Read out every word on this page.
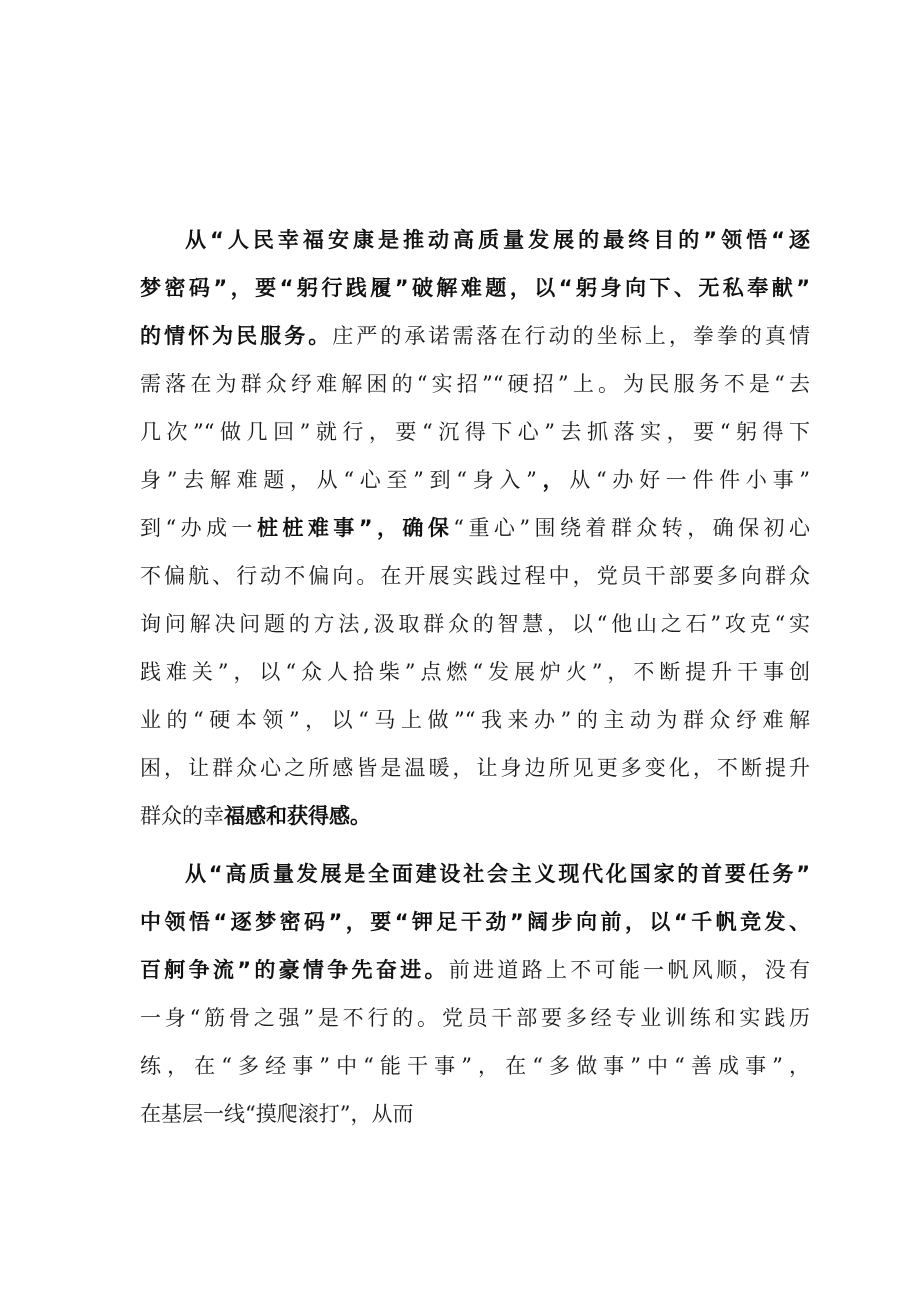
从“人民幸福安康是推动高质量发展的最终目的”领悟“逐
梦密码”，要“躬行践履”破解难题，以“躬身向下、无私奉献”
的情怀为民服务。庄严的承诺需落在行动的坐标上，拳拳的真情
需落在为群众纾难解困的“实招”“硬招”上。为民服务不是“去
几次”“做几回”就行，要“沉得下心”去抓落实，要“躬得下
身”去解难题，从“心至”到“身入”，从“办好一件件小事”
到“办成一桩桩难事”，确保“重心”围绕着群众转，确保初心
不偏航、行动不偏向。在开展实践过程中，党员干部要多向群众
询问解决问题的方法,汲取群众的智慧，以“他山之石”攻克“实
践难关”，以“众人拾柴”点燃“发展炉火”，不断提升干事创
业的“硬本领”，以“马上做”“我来办”的主动为群众纾难解
困，让群众心之所感皆是温暖，让身边所见更多变化，不断提升
群众的幸福感和获得感。
从“高质量发展是全面建设社会主义现代化国家的首要任务”
中领悟“逐梦密码”，要“钾足干劲”阔步向前，以“千帆竞发、
百舸争流”的豪情争先奋进。前进道路上不可能一帆风顺，没有
一身“筋骨之强”是不行的。党员干部要多经专业训练和实践历
练，在“多经事”中“能干事”，在“多做事”中“善成事”，
在基层一线“摸爬滚打”，从而
